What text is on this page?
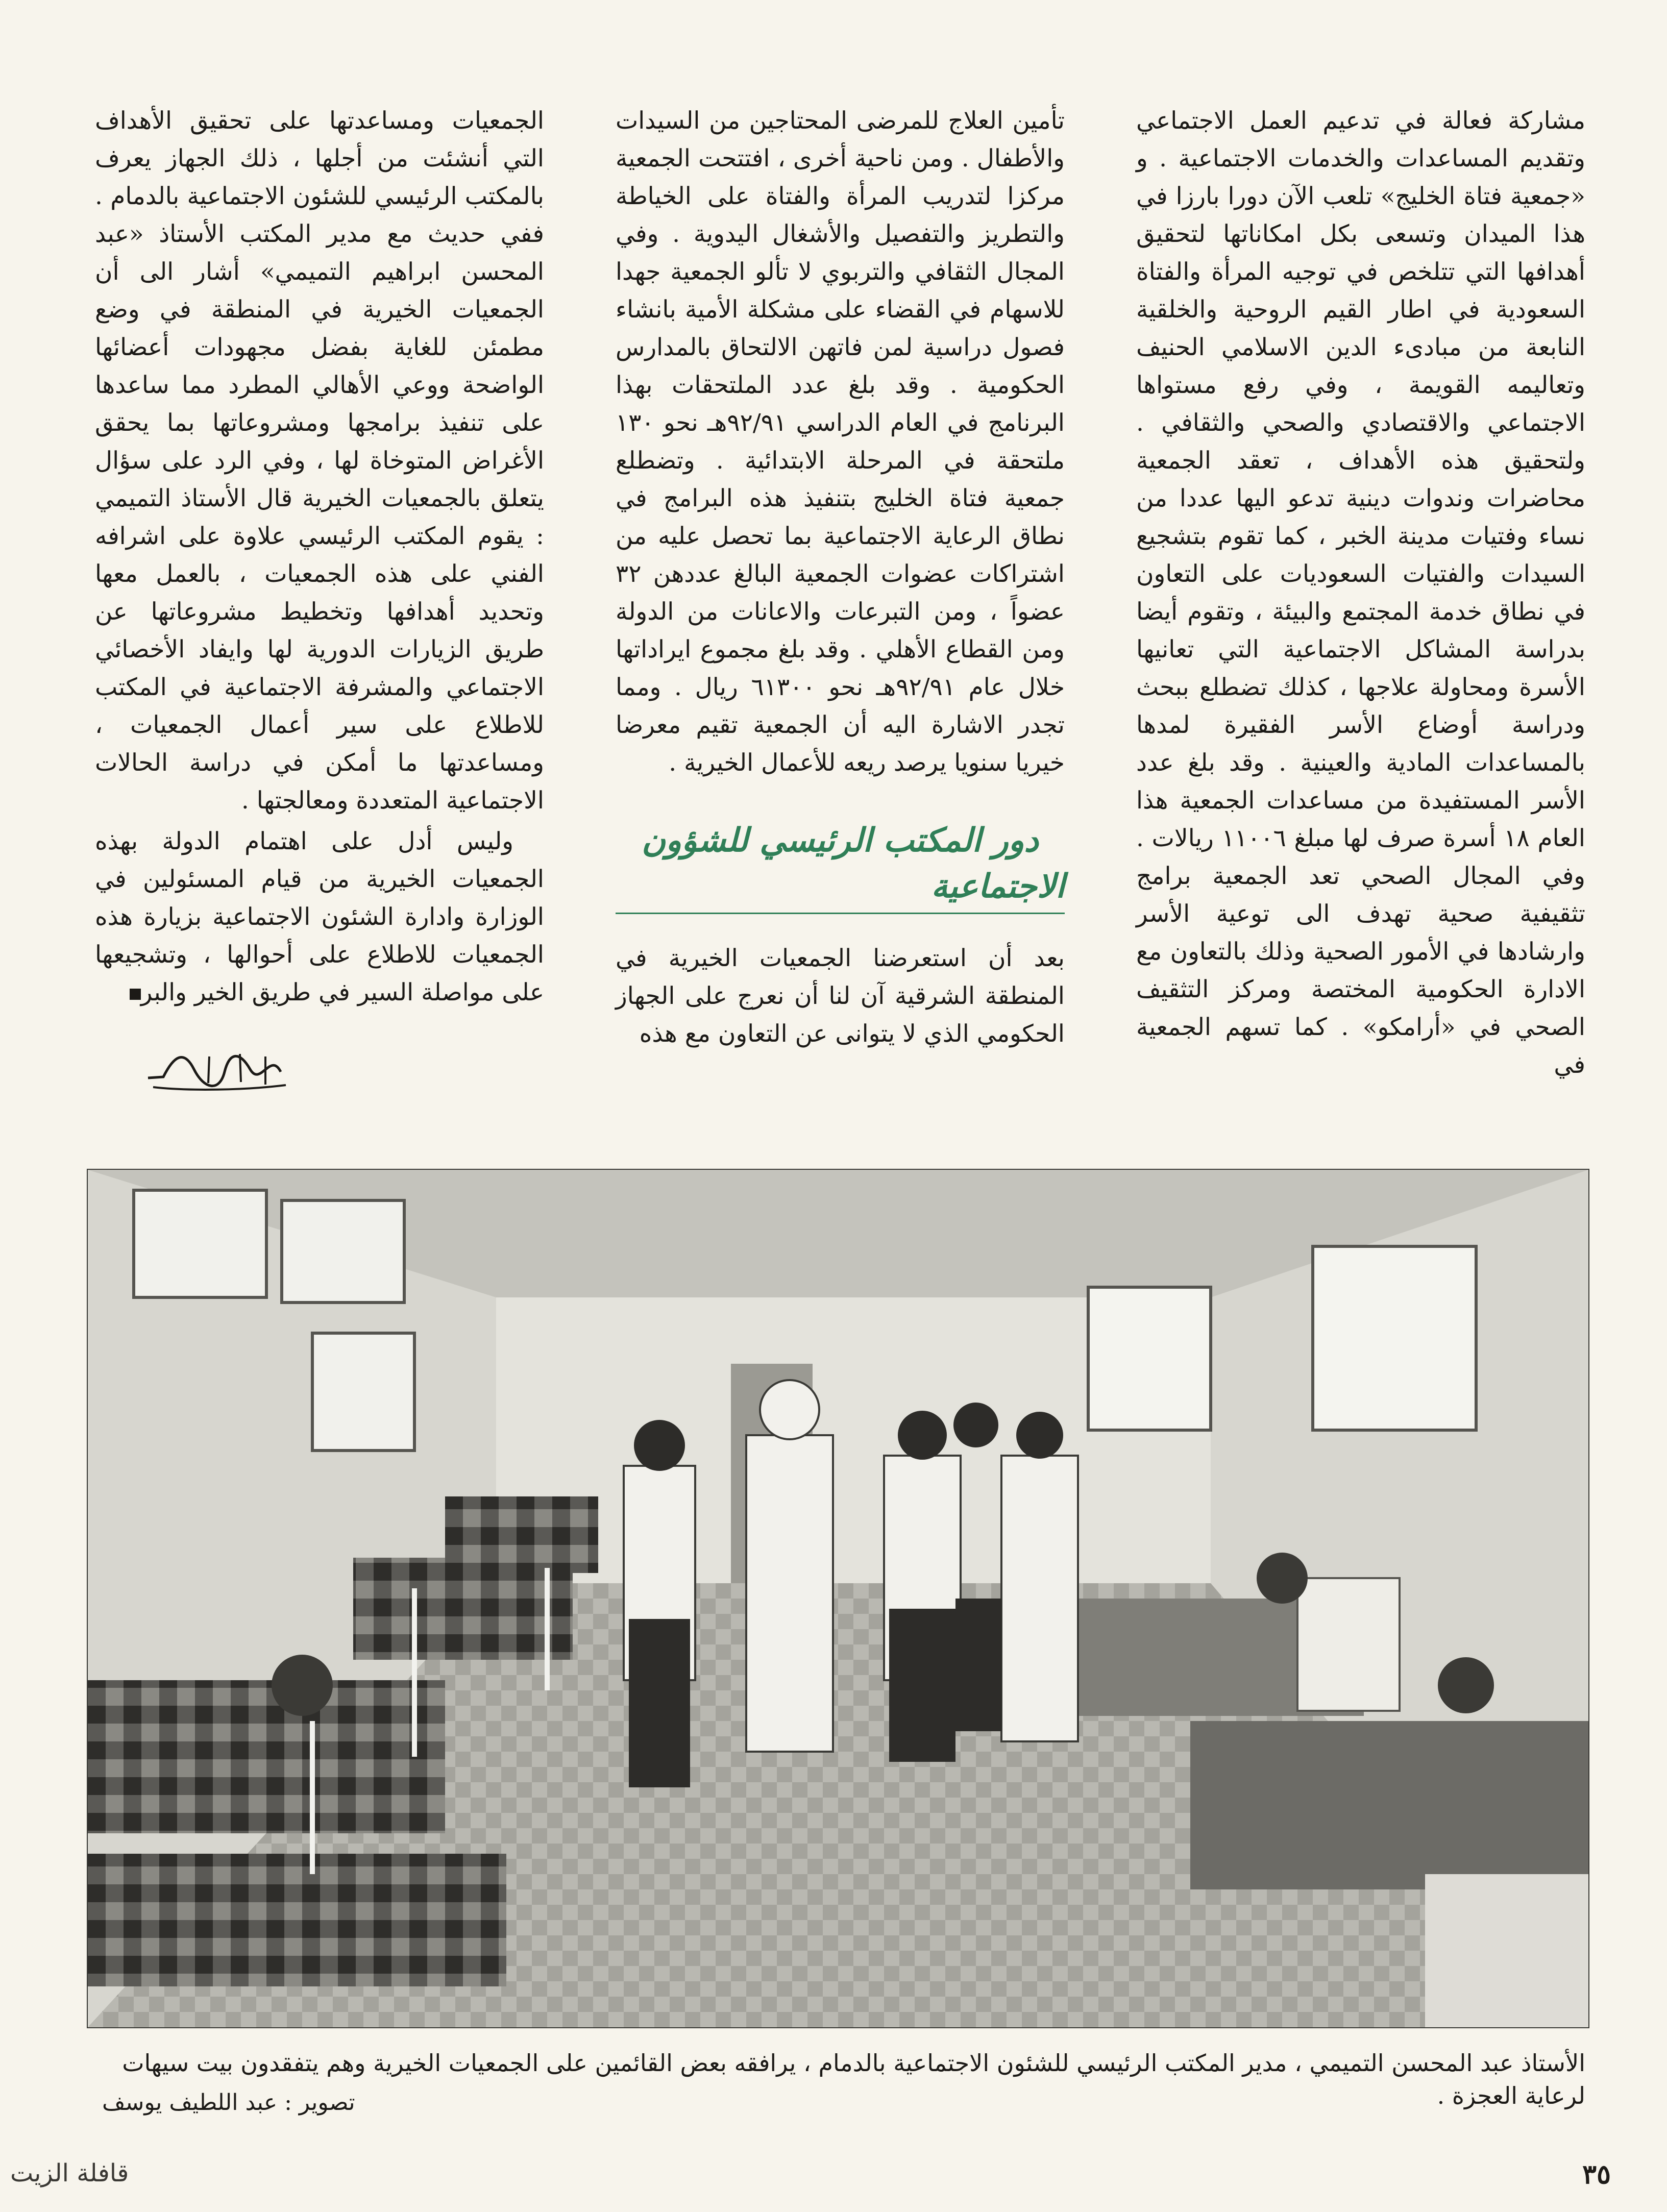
مشاركة فعالة في تدعيم العمل الاجتماعي وتقديم المساعدات والخدمات الاجتماعية . و «جمعية فتاة الخليج» تلعب الآن دورا بارزا في هذا الميدان وتسعى بكل امكاناتها لتحقيق أهدافها التي تتلخص في توجيه المرأة والفتاة السعودية في اطار القيم الروحية والخلقية النابعة من مبادىء الدين الاسلامي الحنيف وتعاليمه القويمة ، وفي رفع مستواها الاجتماعي والاقتصادي والصحي والثقافي . ولتحقيق هذه الأهداف ، تعقد الجمعية محاضرات وندوات دينية تدعو اليها عددا من نساء وفتيات مدينة الخبر ، كما تقوم بتشجيع السيدات والفتيات السعوديات على التعاون في نطاق خدمة المجتمع والبيئة ، وتقوم أيضا بدراسة المشاكل الاجتماعية التي تعانيها الأسرة ومحاولة علاجها ، كذلك تضطلع ببحث ودراسة أوضاع الأسر الفقيرة لمدها بالمساعدات المادية والعينية . وقد بلغ عدد الأسر المستفيدة من مساعدات الجمعية هذا العام ١٨ أسرة صرف لها مبلغ ١١٠٠٦ ريالات . وفي المجال الصحي تعد الجمعية برامج تثقيفية صحية تهدف الى توعية الأسر وارشادها في الأمور الصحية وذلك بالتعاون مع الادارة الحكومية المختصة ومركز التثقيف الصحي في «أرامكو» . كما تسهم الجمعية في

تأمين العلاج للمرضى المحتاجين من السيدات والأطفال . ومن ناحية أخرى ، افتتحت الجمعية مركزا لتدريب المرأة والفتاة على الخياطة والتطريز والتفصيل والأشغال اليدوية . وفي المجال الثقافي والتربوي لا تألو الجمعية جهدا للاسهام في القضاء على مشكلة الأمية بانشاء فصول دراسية لمن فاتهن الالتحاق بالمدارس الحكومية . وقد بلغ عدد الملتحقات بهذا البرنامج في العام الدراسي ٩٢/٩١هـ نحو ١٣٠ ملتحقة في المرحلة الابتدائية . وتضطلع جمعية فتاة الخليج بتنفيذ هذه البرامج في نطاق الرعاية الاجتماعية بما تحصل عليه من اشتراكات عضوات الجمعية البالغ عددهن ٣٢ عضواً ، ومن التبرعات والاعانات من الدولة ومن القطاع الأهلي . وقد بلغ مجموع ايراداتها خلال عام ٩٢/٩١هـ نحو ٦١٣٠٠ ريال . ومما تجدر الاشارة اليه أن الجمعية تقيم معرضا خيريا سنويا يرصد ريعه للأعمال الخيرية .

دور المكتب الرئيسي للشؤون الاجتماعية

بعد أن استعرضنا الجمعيات الخيرية في المنطقة الشرقية آن لنا أن نعرج على الجهاز الحكومي الذي لا يتوانى عن التعاون مع هذه

الجمعيات ومساعدتها على تحقيق الأهداف التي أنشئت من أجلها ، ذلك الجهاز يعرف بالمكتب الرئيسي للشئون الاجتماعية بالدمام . ففي حديث مع مدير المكتب الأستاذ «عبد المحسن ابراهيم التميمي» أشار الى أن الجمعيات الخيرية في المنطقة في وضع مطمئن للغاية بفضل مجهودات أعضائها الواضحة ووعي الأهالي المطرد مما ساعدها على تنفيذ برامجها ومشروعاتها بما يحقق الأغراض المتوخاة لها ، وفي الرد على سؤال يتعلق بالجمعيات الخيرية قال الأستاذ التميمي : يقوم المكتب الرئيسي علاوة على اشرافه الفني على هذه الجمعيات ، بالعمل معها وتحديد أهدافها وتخطيط مشروعاتها عن طريق الزيارات الدورية لها وايفاد الأخصائي الاجتماعي والمشرفة الاجتماعية في المكتب للاطلاع على سير أعمال الجمعيات ، ومساعدتها ما أمكن في دراسة الحالات الاجتماعية المتعددة ومعالجتها .

وليس أدل على اهتمام الدولة بهذه الجمعيات الخيرية من قيام المسئولين في الوزارة وادارة الشئون الاجتماعية بزيارة هذه الجمعيات للاطلاع على أحوالها ، وتشجيعها على مواصلة السير في طريق الخير والبر

الأستاذ عبد المحسن التميمي ، مدير المكتب الرئيسي للشئون الاجتماعية بالدمام ، يرافقه بعض القائمين على الجمعيات الخيرية وهم يتفقدون بيت سيهات لرعاية العجزة .
تصوير : عبد اللطيف يوسف
٣٥
قافلة الزيت
